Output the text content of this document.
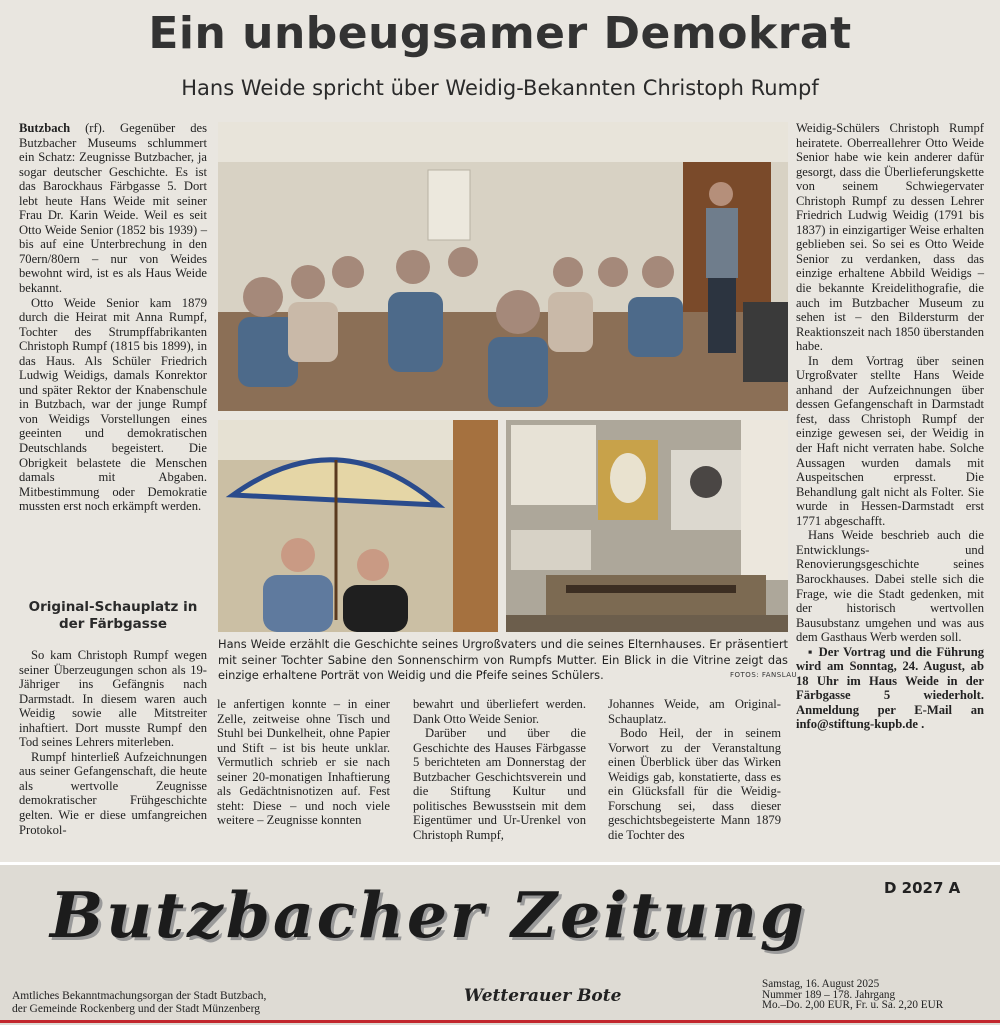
Ein unbeugsamer Demokrat
Hans Weide spricht über Weidig-Bekannten Christoph Rumpf

Butzbach (rf). Gegenüber des Butzbacher Museums schlummert ein Schatz: Zeugnisse Butzbacher, ja sogar deutscher Geschichte. Es ist das Barockhaus Färbgasse 5. Dort lebt heute Hans Weide mit seiner Frau Dr. Karin Weide. Weil es seit Otto Weide Senior (1852 bis 1939) – bis auf eine Unterbrechung in den 70ern/80ern – nur von Weides bewohnt wird, ist es als Haus Weide bekannt.

Otto Weide Senior kam 1879 durch die Heirat mit Anna Rumpf, Tochter des Strumpffabrikanten Christoph Rumpf (1815 bis 1899), in das Haus. Als Schüler Friedrich Ludwig Weidigs, damals Konrektor und später Rektor der Knabenschule in Butzbach, war der junge Rumpf von Weidigs Vorstellungen eines geeinten und demokratischen Deutschlands begeistert. Die Obrigkeit belastete die Menschen damals mit Abgaben. Mitbestimmung oder Demokratie mussten erst noch erkämpft werden.

Original-Schauplatz in der Färbgasse

So kam Christoph Rumpf wegen seiner Überzeugungen schon als 19-Jähriger ins Gefängnis nach Darmstadt. In diesem waren auch Weidig sowie alle Mitstreiter inhaftiert. Dort musste Rumpf den Tod seines Lehrers miterleben.

Rumpf hinterließ Aufzeichnungen aus seiner Gefangenschaft, die heute als wertvolle Zeugnisse demokratischer Frühgeschichte gelten. Wie er diese umfangreichen Protokol-

Hans Weide erzählt die Geschichte seines Urgroßvaters und die seines Elternhauses. Er präsentiert mit seiner Tochter Sabine den Sonnenschirm von Rumpfs Mutter. Ein Blick in die Vitrine zeigt das einzige erhaltene Porträt von Weidig und die Pfeife seines Schülers.	FOTOS: FANSLAU

le anfertigen konnte – in einer Zelle, zeitweise ohne Tisch und Stuhl bei Dunkelheit, ohne Papier und Stift – ist bis heute unklar. Vermutlich schrieb er sie nach seiner 20-monatigen Inhaftierung als Gedächtnisnotizen auf. Fest steht: Diese – und noch viele weitere – Zeugnisse konnten

bewahrt und überliefert werden. Dank Otto Weide Senior.

Darüber und über die Geschichte des Hauses Färbgasse 5 berichteten am Donnerstag der Butzbacher Geschichtsverein und die Stiftung Kultur und politisches Bewusstsein mit dem Eigentümer und Ur-Urenkel von Christoph Rumpf,

Johannes Weide, am Original-Schauplatz.

Bodo Heil, der in seinem Vorwort zu der Veranstaltung einen Überblick über das Wirken Weidigs gab, konstatierte, dass es ein Glücksfall für die Weidig-Forschung sei, dass dieser geschichtsbegeisterte Mann 1879 die Tochter des

Weidig-Schülers Christoph Rumpf heiratete. Oberreallehrer Otto Weide Senior habe wie kein anderer dafür gesorgt, dass die Überlieferungskette von seinem Schwiegervater Christoph Rumpf zu dessen Lehrer Friedrich Ludwig Weidig (1791 bis 1837) in einzigartiger Weise erhalten geblieben sei. So sei es Otto Weide Senior zu verdanken, dass das einzige erhaltene Abbild Weidigs – die bekannte Kreidelithografie, die auch im Butzbacher Museum zu sehen ist – den Bildersturm der Reaktionszeit nach 1850 überstanden habe.

In dem Vortrag über seinen Urgroßvater stellte Hans Weide anhand der Aufzeichnungen über dessen Gefangenschaft in Darmstadt fest, dass Christoph Rumpf der einzige gewesen sei, der Weidig in der Haft nicht verraten habe. Solche Aussagen wurden damals mit Auspeitschen erpresst. Die Behandlung galt nicht als Folter. Sie wurde in Hessen-Darmstadt erst 1771 abgeschafft.

Hans Weide beschrieb auch die Entwicklungs- und Renovierungsgeschichte seines Barockhauses. Dabei stelle sich die Frage, wie die Stadt gedenken, mit der historisch wertvollen Bausubstanz umgehen und was aus dem Gasthaus Werb werden soll.

▪ Der Vortrag und die Führung wird am Sonntag, 24. August, ab 18 Uhr im Haus Weide in der Färbgasse 5 wiederholt. Anmeldung per E-Mail an info@stiftung-kupb.de .

Butzbacher Zeitung	D 2027 A
Amtliches Bekanntmachungsorgan der Stadt Butzbach,
der Gemeinde Rockenberg und der Stadt Münzenberg
Wetterauer Bote
Samstag, 16. August 2025
Nummer 189 – 178. Jahrgang
Mo.–Do. 2,00 EUR, Fr. u. Sa. 2,20 EUR
